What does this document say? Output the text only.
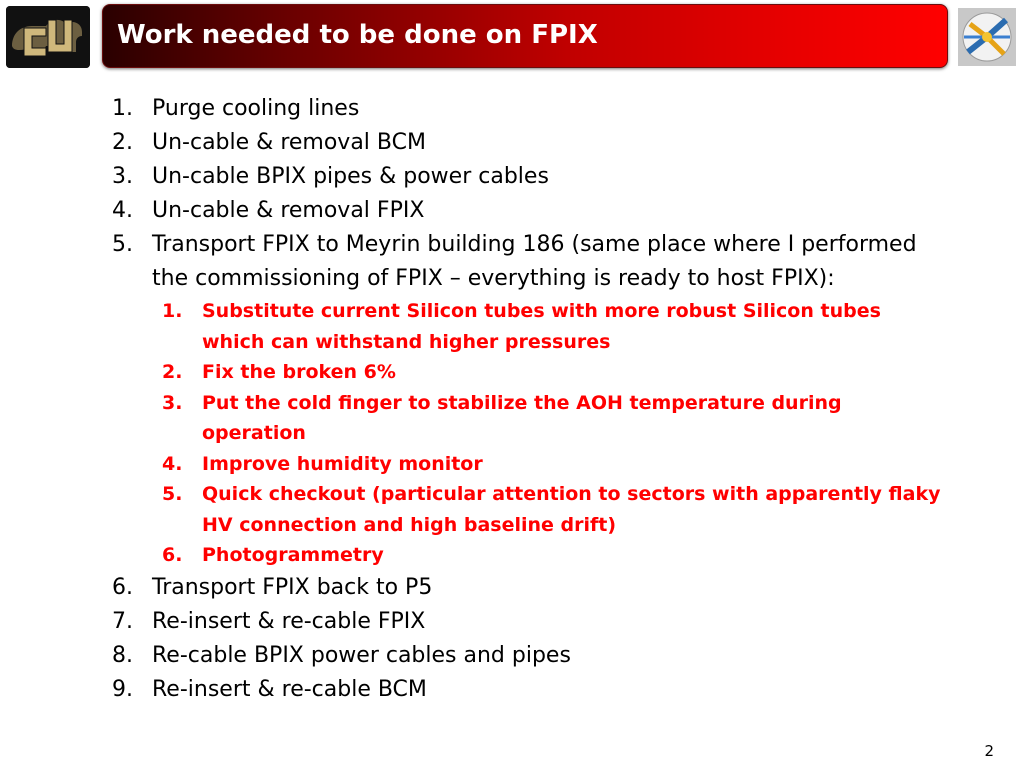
Work needed to be done on FPIX
1. Purge cooling lines
2. Un-cable & removal BCM
3. Un-cable BPIX pipes & power cables
4. Un-cable & removal FPIX
5. Transport FPIX to Meyrin building 186 (same place where I performed the commissioning of FPIX – everything is ready to host FPIX):
1. Substitute current Silicon tubes with more robust Silicon tubes which can withstand higher pressures
2. Fix the broken 6%
3. Put the cold finger to stabilize the AOH temperature during operation
4. Improve humidity monitor
5. Quick checkout (particular attention to sectors with apparently flaky HV connection and high baseline drift)
6. Photogrammetry
6. Transport FPIX back to P5
7. Re-insert & re-cable FPIX
8. Re-cable BPIX power cables and pipes
9. Re-insert & re-cable BCM
2
